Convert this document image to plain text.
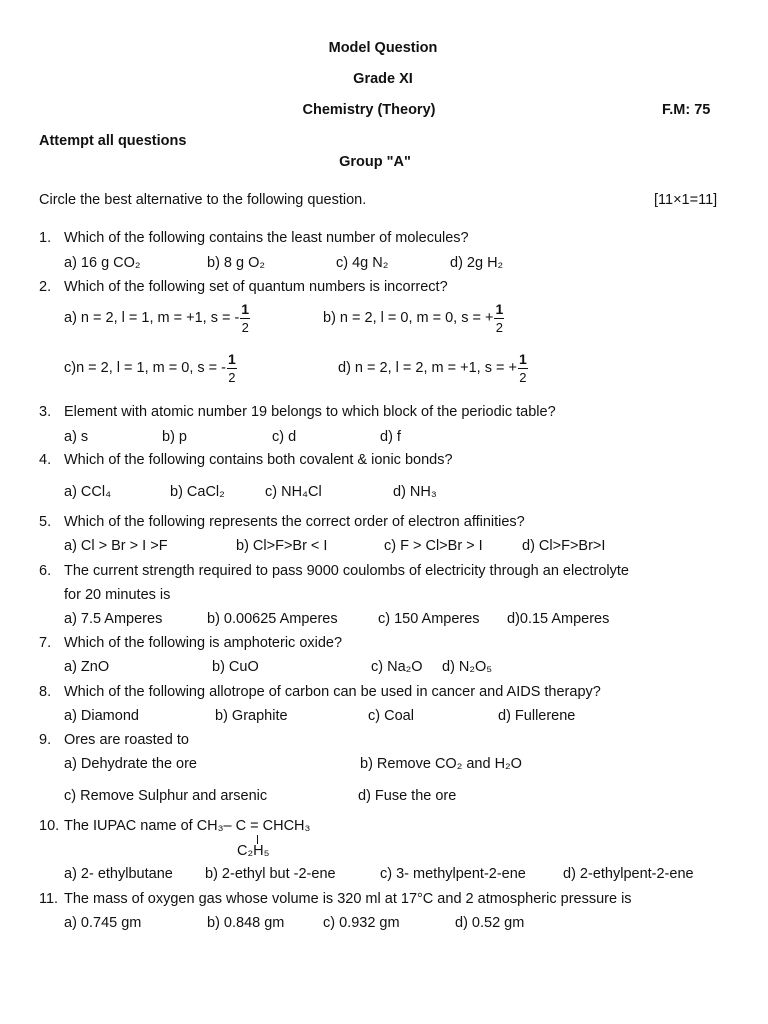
Model Question
Grade XI
Chemistry (Theory)	F.M: 75
Attempt all questions
Group "A"
Circle the best alternative to the following question.	[11×1=11]
1. Which of the following contains the least number of molecules?
a) 16 g CO₂	b) 8 g O₂	c) 4g N₂	d) 2g H₂
2. Which of the following set of quantum numbers is incorrect?
a) n = 2, l = 1, m = +1, s = - $\frac{1}{2}$	b) n = 2, l = 0, m = 0, s = + $\frac{1}{2}$
c)n = 2, l = 1, m = 0, s = - $\frac{1}{2}$	d) n = 2, l = 2, m = +1, s = + $\frac{1}{2}$
3. Element with atomic number 19 belongs to which block of the periodic table?
a) s	b) p	c) d	d) f
4. Which of the following contains both covalent & ionic bonds?
a) CCl₄	b) CaCl₂	c) NH₄Cl	d) NH₃
5. Which of the following represents the correct order of electron affinities?
a) Cl > Br > I >F	b) Cl>F>Br < I	c) F > Cl>Br > I	d) Cl>F>Br>I
6. The current strength required to pass 9000 coulombs of electricity through an electrolyte
for 20 minutes is
a) 7.5 Amperes	b) 0.00625 Amperes	c) 150 Amperes d)0.15 Amperes
7. Which of the following is amphoteric oxide?
a) ZnO	b) CuO	c) Na₂O d) N₂O₅
8. Which of the following allotrope of carbon can be used in cancer and AIDS therapy?
a) Diamond	b) Graphite	c) Coal	d) Fullerene
9. Ores are roasted to
a) Dehydrate the ore	b) Remove CO₂ and H₂O
c) Remove Sulphur and arsenic	d) Fuse the ore
10. The IUPAC name of CH₃– C = CHCH₃
C₂H₅
a) 2- ethylbutane b) 2-ethyl but -2-ene	c) 3- methylpent-2-ene	d) 2-ethylpent-2-ene
11. The mass of oxygen gas whose volume is 320 ml at 17°C and 2 atmospheric pressure is
a) 0.745 gm	b) 0.848 gm	c) 0.932 gm	d) 0.52 gm
